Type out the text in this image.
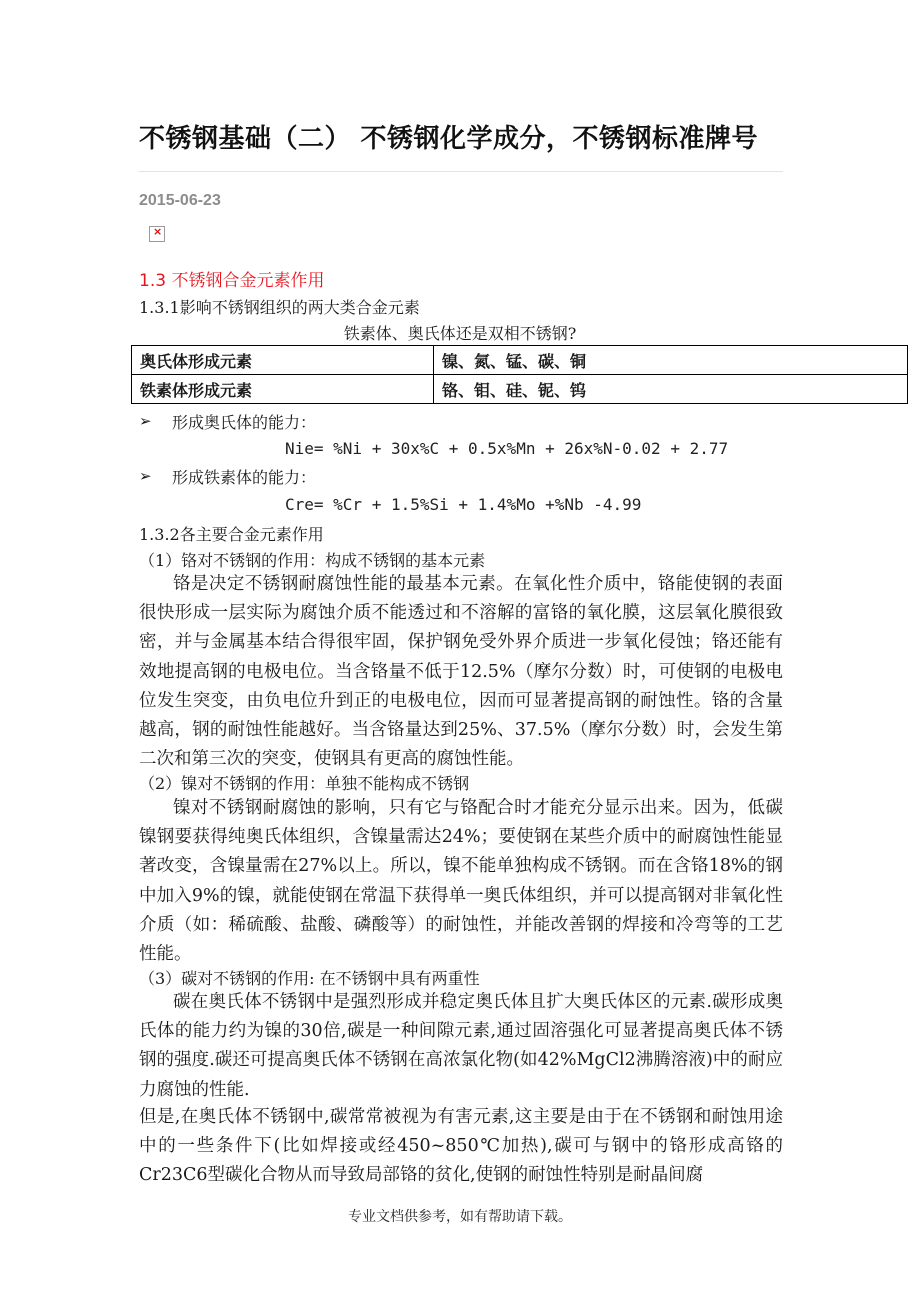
不锈钢基础（二） 不锈钢化学成分，不锈钢标准牌号
2015-06-23
×
1.3 不锈钢合金元素作用
1.3.1影响不锈钢组织的两大类合金元素
铁素体、奥氏体还是双相不锈钢?
奥氏体形成元素	镍、氮、锰、碳、铜
铁素体形成元素	铬、钼、硅、铌、钨
➢ 形成奥氏体的能力：
Nie= %Ni + 30x%C + 0.5x%Mn + 26x%N-0.02 + 2.77
➢ 形成铁素体的能力：
Cre= %Cr + 1.5%Si + 1.4%Mo +%Nb -4.99
1.3.2各主要合金元素作用
（1）铬对不锈钢的作用：构成不锈钢的基本元素

铬是决定不锈钢耐腐蚀性能的最基本元素。在氧化性介质中，铬能使钢的表面很快形成一层实际为腐蚀介质不能透过和不溶解的富铬的氧化膜，这层氧化膜很致密，并与金属基本结合得很牢固，保护钢免受外界介质进一步氧化侵蚀；铬还能有效地提高钢的电极电位。当含铬量不低于12.5%（摩尔分数）时，可使钢的电极电位发生突变，由负电位升到正的电极电位，因而可显著提高钢的耐蚀性。铬的含量越高，钢的耐蚀性能越好。当含铬量达到25%、37.5%（摩尔分数）时，会发生第二次和第三次的突变，使钢具有更高的腐蚀性能。

（2）镍对不锈钢的作用：单独不能构成不锈钢

镍对不锈钢耐腐蚀的影响，只有它与铬配合时才能充分显示出来。因为，低碳镍钢要获得纯奥氏体组织，含镍量需达24%；要使钢在某些介质中的耐腐蚀性能显著改变，含镍量需在27%以上。所以，镍不能单独构成不锈钢。而在含铬18%的钢中加入9%的镍，就能使钢在常温下获得单一奥氏体组织，并可以提高钢对非氧化性介质（如：稀硫酸、盐酸、磷酸等）的耐蚀性，并能改善钢的焊接和冷弯等的工艺性能。

（3）碳对不锈钢的作用: 在不锈钢中具有两重性

碳在奥氏体不锈钢中是强烈形成并稳定奥氏体且扩大奥氏体区的元素.碳形成奥氏体的能力约为镍的30倍,碳是一种间隙元素,通过固溶强化可显著提高奥氏体不锈钢的强度.碳还可提高奥氏体不锈钢在高浓氯化物(如42%MgCl2沸腾溶液)中的耐应力腐蚀的性能.

但是,在奥氏体不锈钢中,碳常常被视为有害元素,这主要是由于在不锈钢和耐蚀用途中的一些条件下(比如焊接或经450~850℃加热),碳可与钢中的铬形成高铬的Cr23C6型碳化合物从而导致局部铬的贫化,使钢的耐蚀性特别是耐晶间腐

专业文档供参考，如有帮助请下载。
